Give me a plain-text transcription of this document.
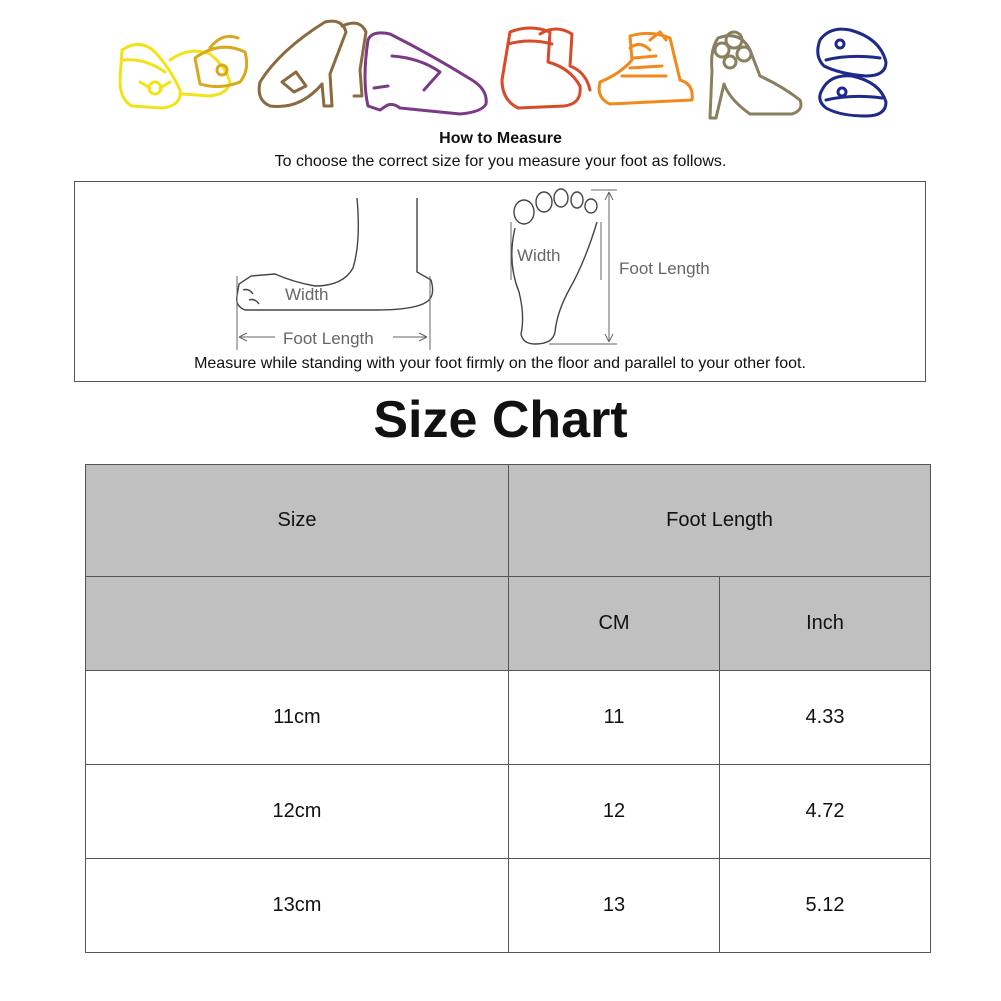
How to Measure
To choose the correct size for you measure your foot as follows.
Width
Foot Length
Width
Foot Length
Measure while standing with your foot firmly on the floor and parallel to your other foot.
Size Chart
Size	Foot Length	
	CM	Inch
11cm	11	4.33
12cm	12	4.72
13cm	13	5.12
